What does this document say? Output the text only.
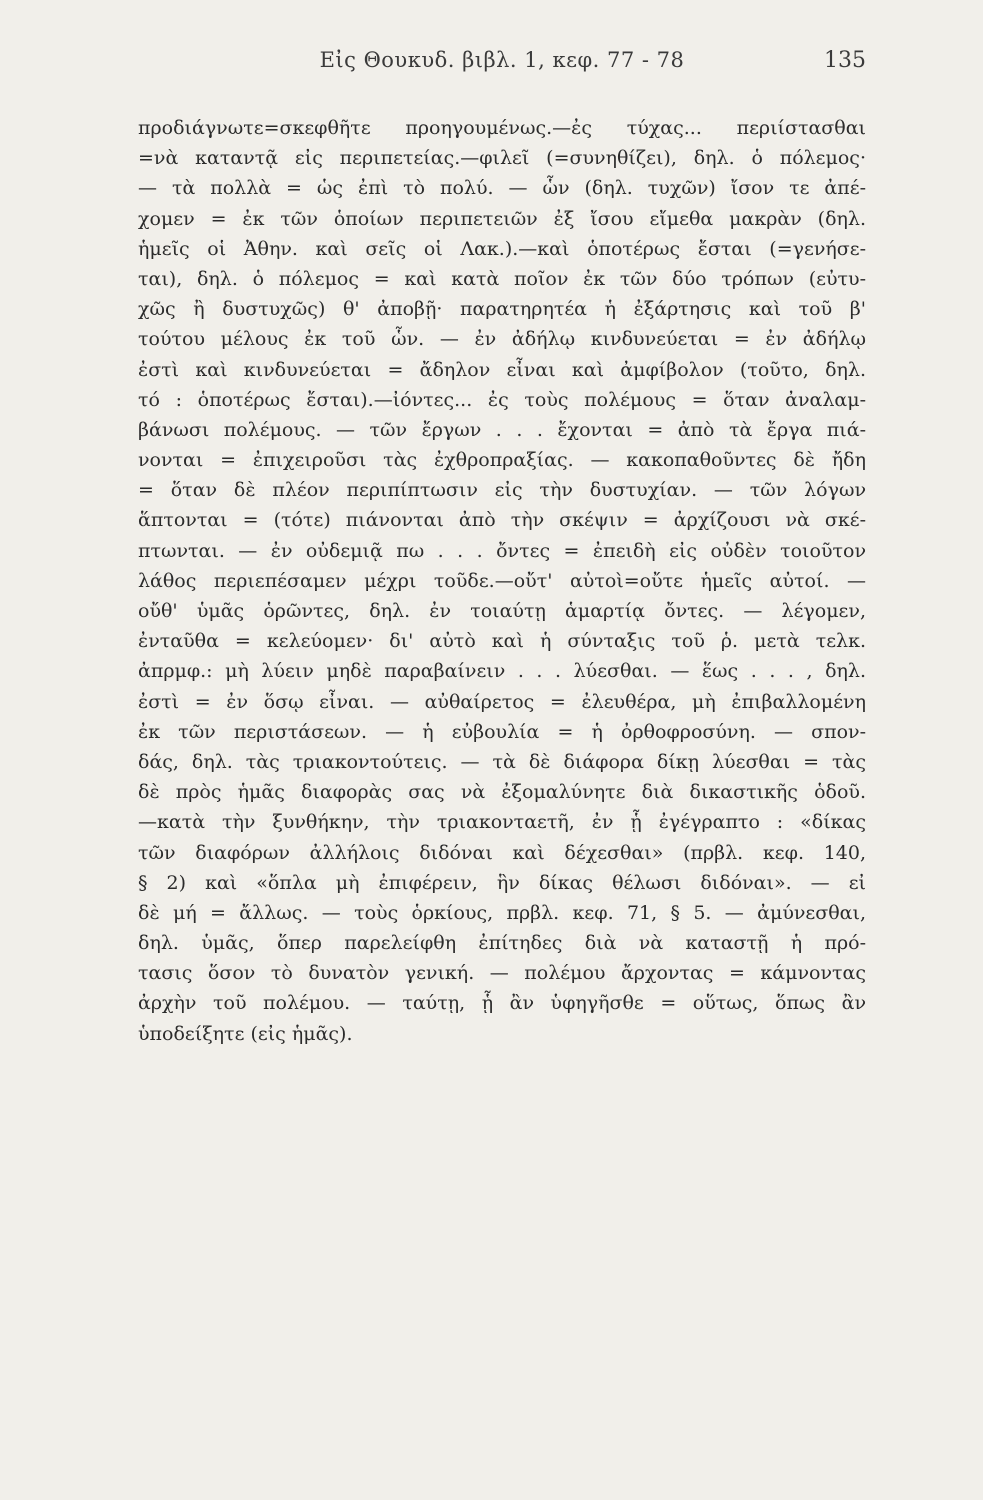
Εἰς Θουκυδ. βιβλ. 1, κεφ. 77 - 78	135
προδιάγνωτε=σκεφθῆτε προηγουμένως.—ἐς τύχας... περιίστασθαι
=νὰ καταντᾷ εἰς περιπετείας.—φιλεῖ (=συνηθίζει), δηλ. ὁ πόλεμος·
— τὰ πολλὰ = ὡς ἐπὶ τὸ πολύ. — ὧν (δηλ. τυχῶν) ἴσον τε ἀπέ-
χομεν = ἐκ τῶν ὁποίων περιπετειῶν ἐξ ἴσου εἴμεθα μακρὰν (δηλ.
ἡμεῖς οἱ Ἀθην. καὶ σεῖς οἱ Λακ.).—καὶ ὁποτέρως ἔσται (=γενήσε-
ται), δηλ. ὁ πόλεμος = καὶ κατὰ ποῖον ἐκ τῶν δύο τρόπων (εὐτυ-
χῶς ἢ δυστυχῶς) θ' ἀποβῇ· παρατηρητέα ἡ ἐξάρτησις καὶ τοῦ β'
τούτου μέλους ἐκ τοῦ ὧν. — ἐν ἀδήλῳ κινδυνεύεται = ἐν ἀδήλῳ
ἐστὶ καὶ κινδυνεύεται = ἄδηλον εἶναι καὶ ἀμφίβολον (τοῦτο, δηλ.
τό : ὁποτέρως ἔσται).—ἰόντες... ἐς τοὺς πολέμους = ὅταν ἀναλαμ-
βάνωσι πολέμους. — τῶν ἔργων . . . ἔχονται = ἀπὸ τὰ ἔργα πιά-
νονται = ἐπιχειροῦσι τὰς ἐχθροπραξίας. — κακοπαθοῦντες δὲ ἤδη
= ὅταν δὲ πλέον περιπίπτωσιν εἰς τὴν δυστυχίαν. — τῶν λόγων
ἅπτονται = (τότε) πιάνονται ἀπὸ τὴν σκέψιν = ἀρχίζουσι νὰ σκέ-
πτωνται. — ἐν οὐδεμιᾷ πω . . . ὄντες = ἐπειδὴ εἰς οὐδὲν τοιοῦτον
λάθος περιεπέσαμεν μέχρι τοῦδε.—οὔτ' αὐτοὶ=οὔτε ἡμεῖς αὐτοί. —
οὔθ' ὑμᾶς ὁρῶντες, δηλ. ἐν τοιαύτῃ ἁμαρτίᾳ ὄντες. — λέγομεν,
ἐνταῦθα = κελεύομεν· δι' αὐτὸ καὶ ἡ σύνταξις τοῦ ῥ. μετὰ τελκ.
ἀπρμφ.: μὴ λύειν μηδὲ παραβαίνειν . . . λύεσθαι. — ἕως . . . , δηλ.
ἐστὶ = ἐν ὅσῳ εἶναι. — αὐθαίρετος = ἐλευθέρα, μὴ ἐπιβαλλομένη
ἐκ τῶν περιστάσεων. — ἡ εὐβουλία = ἡ ὀρθοφροσύνη. — σπον-
δάς, δηλ. τὰς τριακοντούτεις. — τὰ δὲ διάφορα δίκῃ λύεσθαι = τὰς
δὲ πρὸς ἡμᾶς διαφορὰς σας νὰ ἐξομαλύνητε διὰ δικαστικῆς ὁδοῦ.
—κατὰ τὴν ξυνθήκην, τὴν τριακονταετῆ, ἐν ᾗ ἐγέγραπτο : «δίκας
τῶν διαφόρων ἀλλήλοις διδόναι καὶ δέχεσθαι» (πρβλ. κεφ. 140,
§ 2) καὶ «ὅπλα μὴ ἐπιφέρειν, ἣν δίκας θέλωσι διδόναι». — εἰ
δὲ μή = ἄλλως. — τοὺς ὁρκίους, πρβλ. κεφ. 71, § 5. — ἀμύνεσθαι,
δηλ. ὑμᾶς, ὅπερ παρελείφθη ἐπίτηδες διὰ νὰ καταστῇ ἡ πρό-
τασις ὅσον τὸ δυνατὸν γενική. — πολέμου ἄρχοντας = κάμνοντας
ἀρχὴν τοῦ πολέμου. — ταύτῃ, ᾗ ἂν ὑφηγῆσθε = οὕτως, ὅπως ἂν
ὑποδείξητε (εἰς ἡμᾶς).
